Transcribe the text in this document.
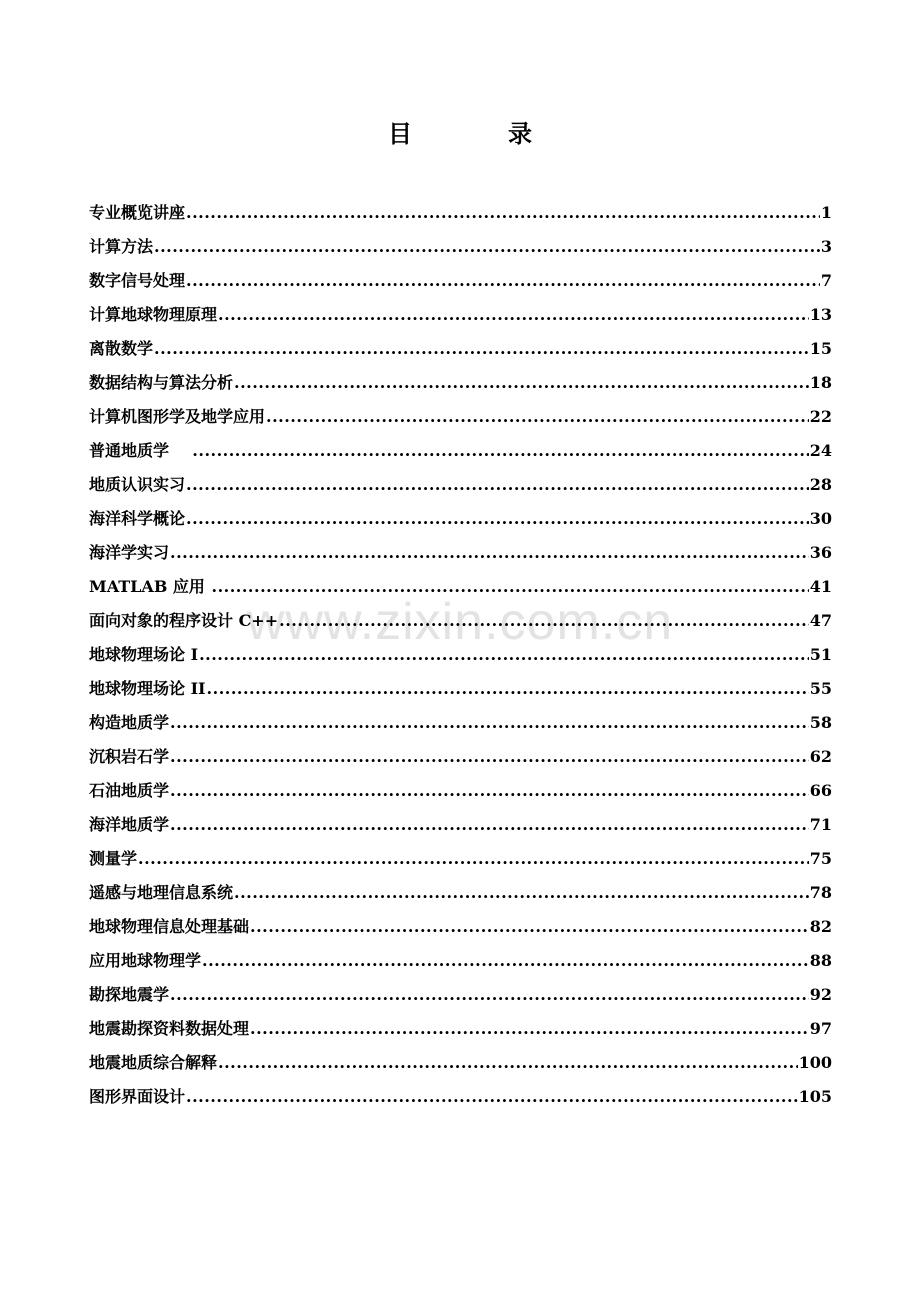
目　录
www.zixin.com.cn
专业概览讲座 .....	1
计算方法 .....	3
数字信号处理 .....	7
计算地球物理原理 .....	13
离散数学 .....	15
数据结构与算法分析 .....	18
计算机图形学及地学应用 .....	22
普通地质学 .....	24
地质认识实习 .....	28
海洋科学概论 .....	30
海洋学实习 .....	36
MATLAB 应用 .....	41
面向对象的程序设计 C++ .....	47
地球物理场论 I .....	51
地球物理场论 II .....	55
构造地质学 .....	58
沉积岩石学 .....	62
石油地质学 .....	66
海洋地质学 .....	71
测量学 .....	75
遥感与地理信息系统 .....	78
地球物理信息处理基础 .....	82
应用地球物理学 .....	88
勘探地震学 .....	92
地震勘探资料数据处理 .....	97
地震地质综合解释 .....	100
图形界面设计 .....	105
